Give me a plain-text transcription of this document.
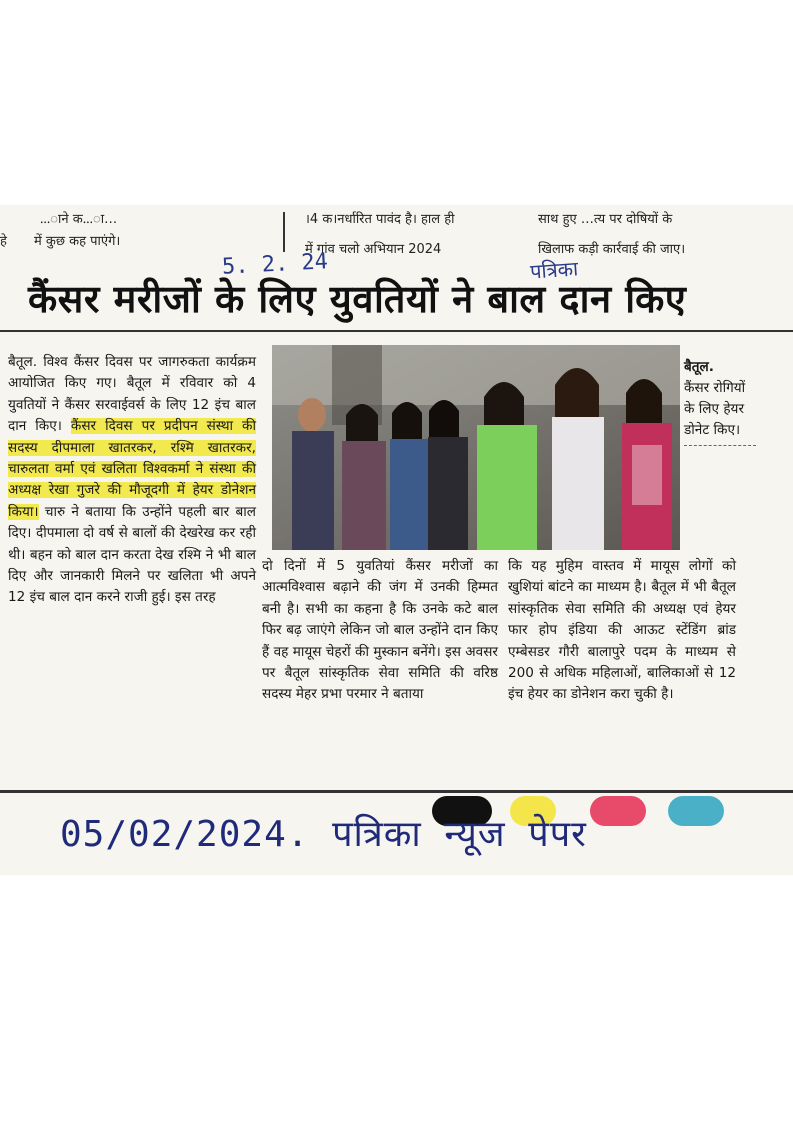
…ाने क…ा…
हे में कुछ कह पाएंगे।
।4 क।नर्धारित पावंद है। हाल ही
में गांव चलो अभियान 2024
साथ हुए …त्य पर दोषियों के
खिलाफ कड़ी कार्रवाई की जाए।
5. 2. 24	पत्रिका
कैंसर मरीजों के लिए युवतियों ने बाल दान किए

बैतूल. विश्व कैंसर दिवस पर जागरुकता कार्यक्रम आयोजित किए गए। बैतूल में रविवार को 4 युवतियों ने कैंसर सरवाईवर्स के लिए 12 इंच बाल दान किए। कैंसर दिवस पर प्रदीपन संस्था की सदस्य दीपमाला खातरकर, रश्मि खातरकर, चारुलता वर्मा एवं खलिता विश्वकर्मा ने संस्था की अध्यक्ष रेखा गुजरे की मौजूदगी में हेयर डोनेशन किया। चारु ने बताया कि उन्होंने पहली बार बाल दिए। दीपमाला दो वर्ष से बालों की देखरेख कर रही थी। बहन को बाल दान करता देख रश्मि ने भी बाल दिए और जानकारी मिलने पर खलिता भी अपने 12 इंच बाल दान करने राजी हुई। इस तरह

बैतूल.
कैंसर रोगियों के लिए हेयर डोनेट किए।

दो दिनों में 5 युवतियां कैंसर मरीजों का आत्मविश्वास बढ़ाने की जंग में उनकी हिम्मत बनी है। सभी का कहना है कि उनके कटे बाल फिर बढ़ जाएंगे लेकिन जो बाल उन्होंने दान किए हैं वह मायूस चेहरों की मुस्कान बनेंगे। इस अवसर पर बैतूल सांस्कृतिक सेवा समिति की वरिष्ठ सदस्य मेहर प्रभा परमार ने बताया

कि यह मुहिम वास्तव में मायूस लोगों को खुशियां बांटने का माध्यम है। बैतूल में भी बैतूल सांस्कृतिक सेवा समिति की अध्यक्ष एवं हेयर फार होप इंडिया की आऊट स्टेंडिंग ब्रांड एम्बेसडर गौरी बालापुरे पदम के माध्यम से 200 से अधिक महिलाओं, बालिकाओं से 12 इंच हेयर का डोनेशन करा चुकी है।

05/02/2024. पत्रिका न्यूज पेपर
